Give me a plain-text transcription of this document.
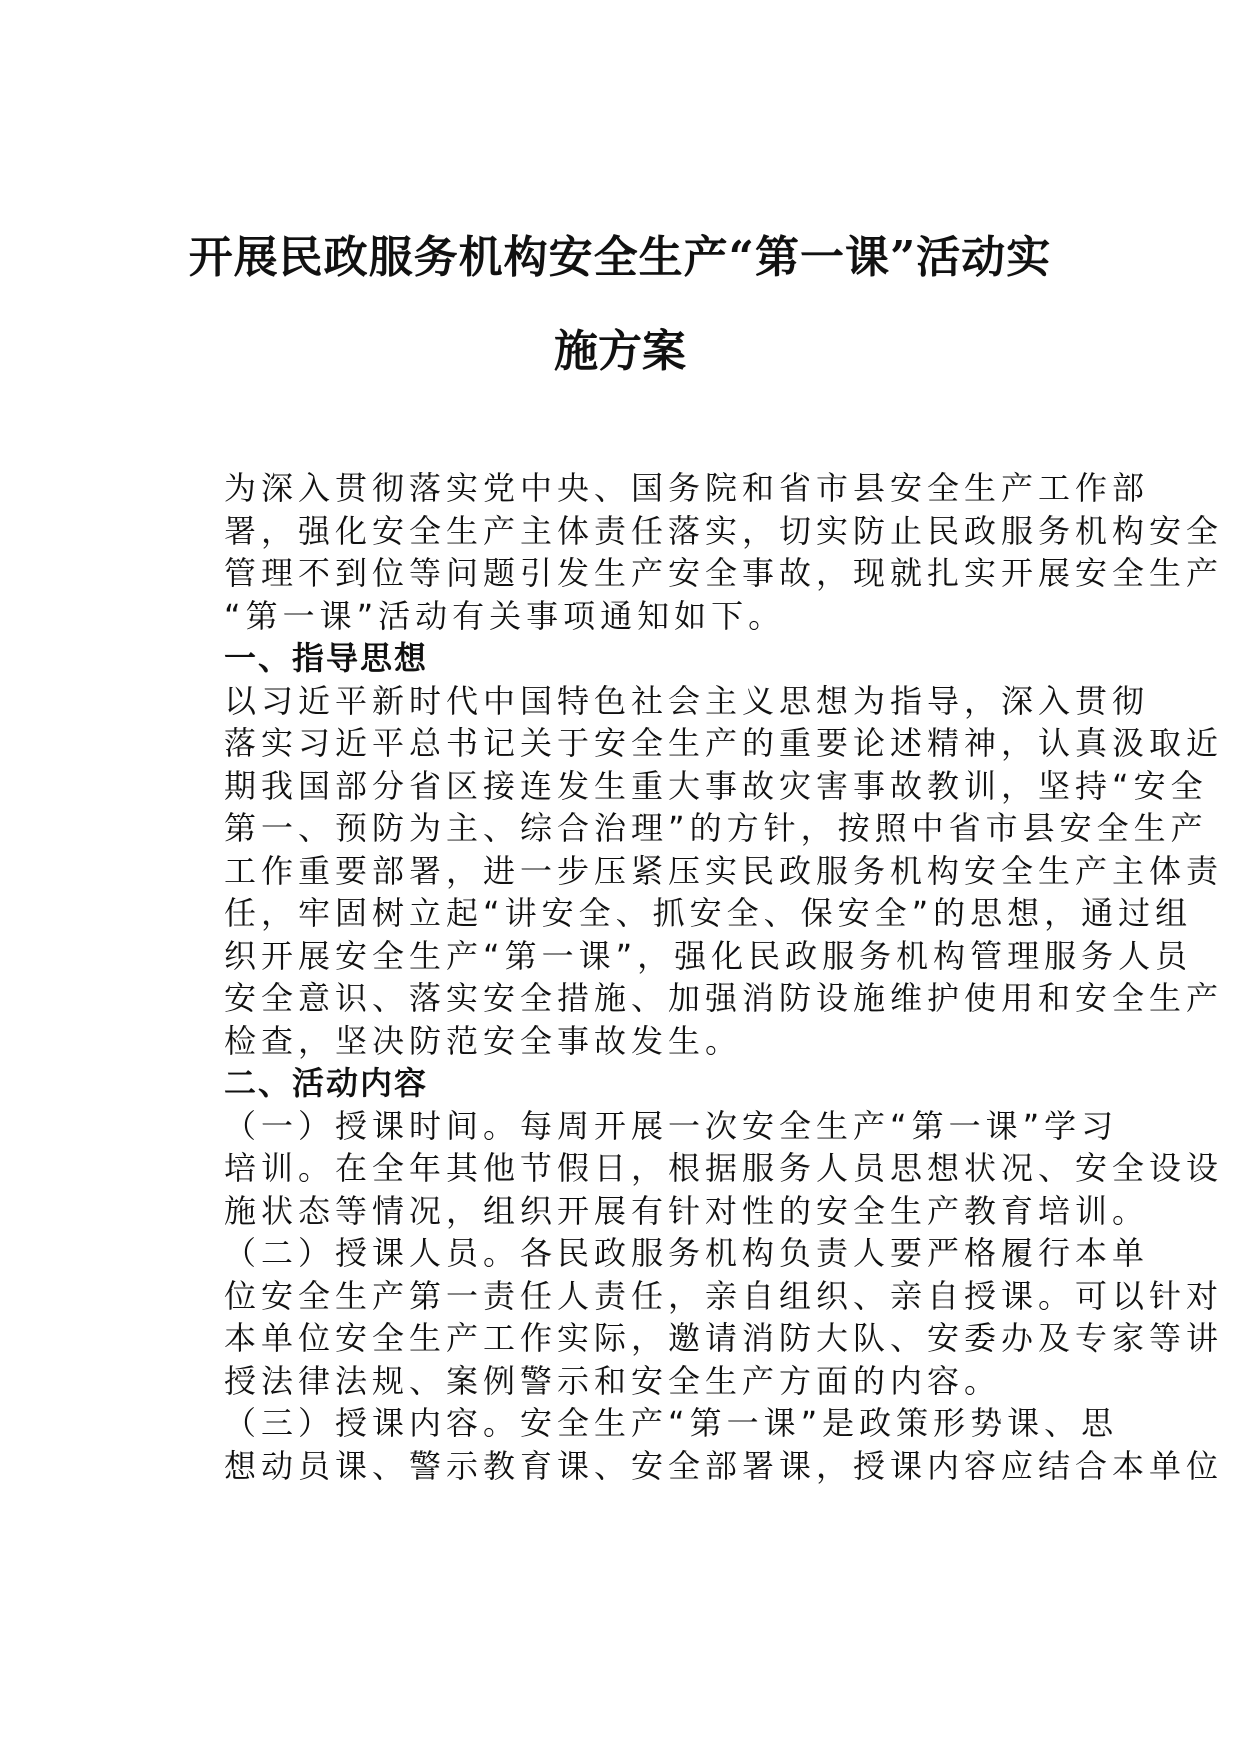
开展民政服务机构安全生产“第一课”活动实
施方案

为深入贯彻落实党中央、国务院和省市县安全生产工作部
署，强化安全生产主体责任落实，切实防止民政服务机构安全
管理不到位等问题引发生产安全事故，现就扎实开展安全生产
“第一课”活动有关事项通知如下。

一、指导思想

以习近平新时代中国特色社会主义思想为指导，深入贯彻
落实习近平总书记关于安全生产的重要论述精神，认真汲取近
期我国部分省区接连发生重大事故灾害事故教训，坚持“安全
第一、预防为主、综合治理”的方针，按照中省市县安全生产
工作重要部署，进一步压紧压实民政服务机构安全生产主体责
任，牢固树立起“讲安全、抓安全、保安全”的思想，通过组
织开展安全生产“第一课”，强化民政服务机构管理服务人员
安全意识、落实安全措施、加强消防设施维护使用和安全生产
检查，坚决防范安全事故发生。

二、活动内容

（一）授课时间。每周开展一次安全生产“第一课”学习
培训。在全年其他节假日，根据服务人员思想状况、安全设设
施状态等情况，组织开展有针对性的安全生产教育培训。

（二）授课人员。各民政服务机构负责人要严格履行本单
位安全生产第一责任人责任，亲自组织、亲自授课。可以针对
本单位安全生产工作实际，邀请消防大队、安委办及专家等讲
授法律法规、案例警示和安全生产方面的内容。

（三）授课内容。安全生产“第一课”是政策形势课、思
想动员课、警示教育课、安全部署课，授课内容应结合本单位
